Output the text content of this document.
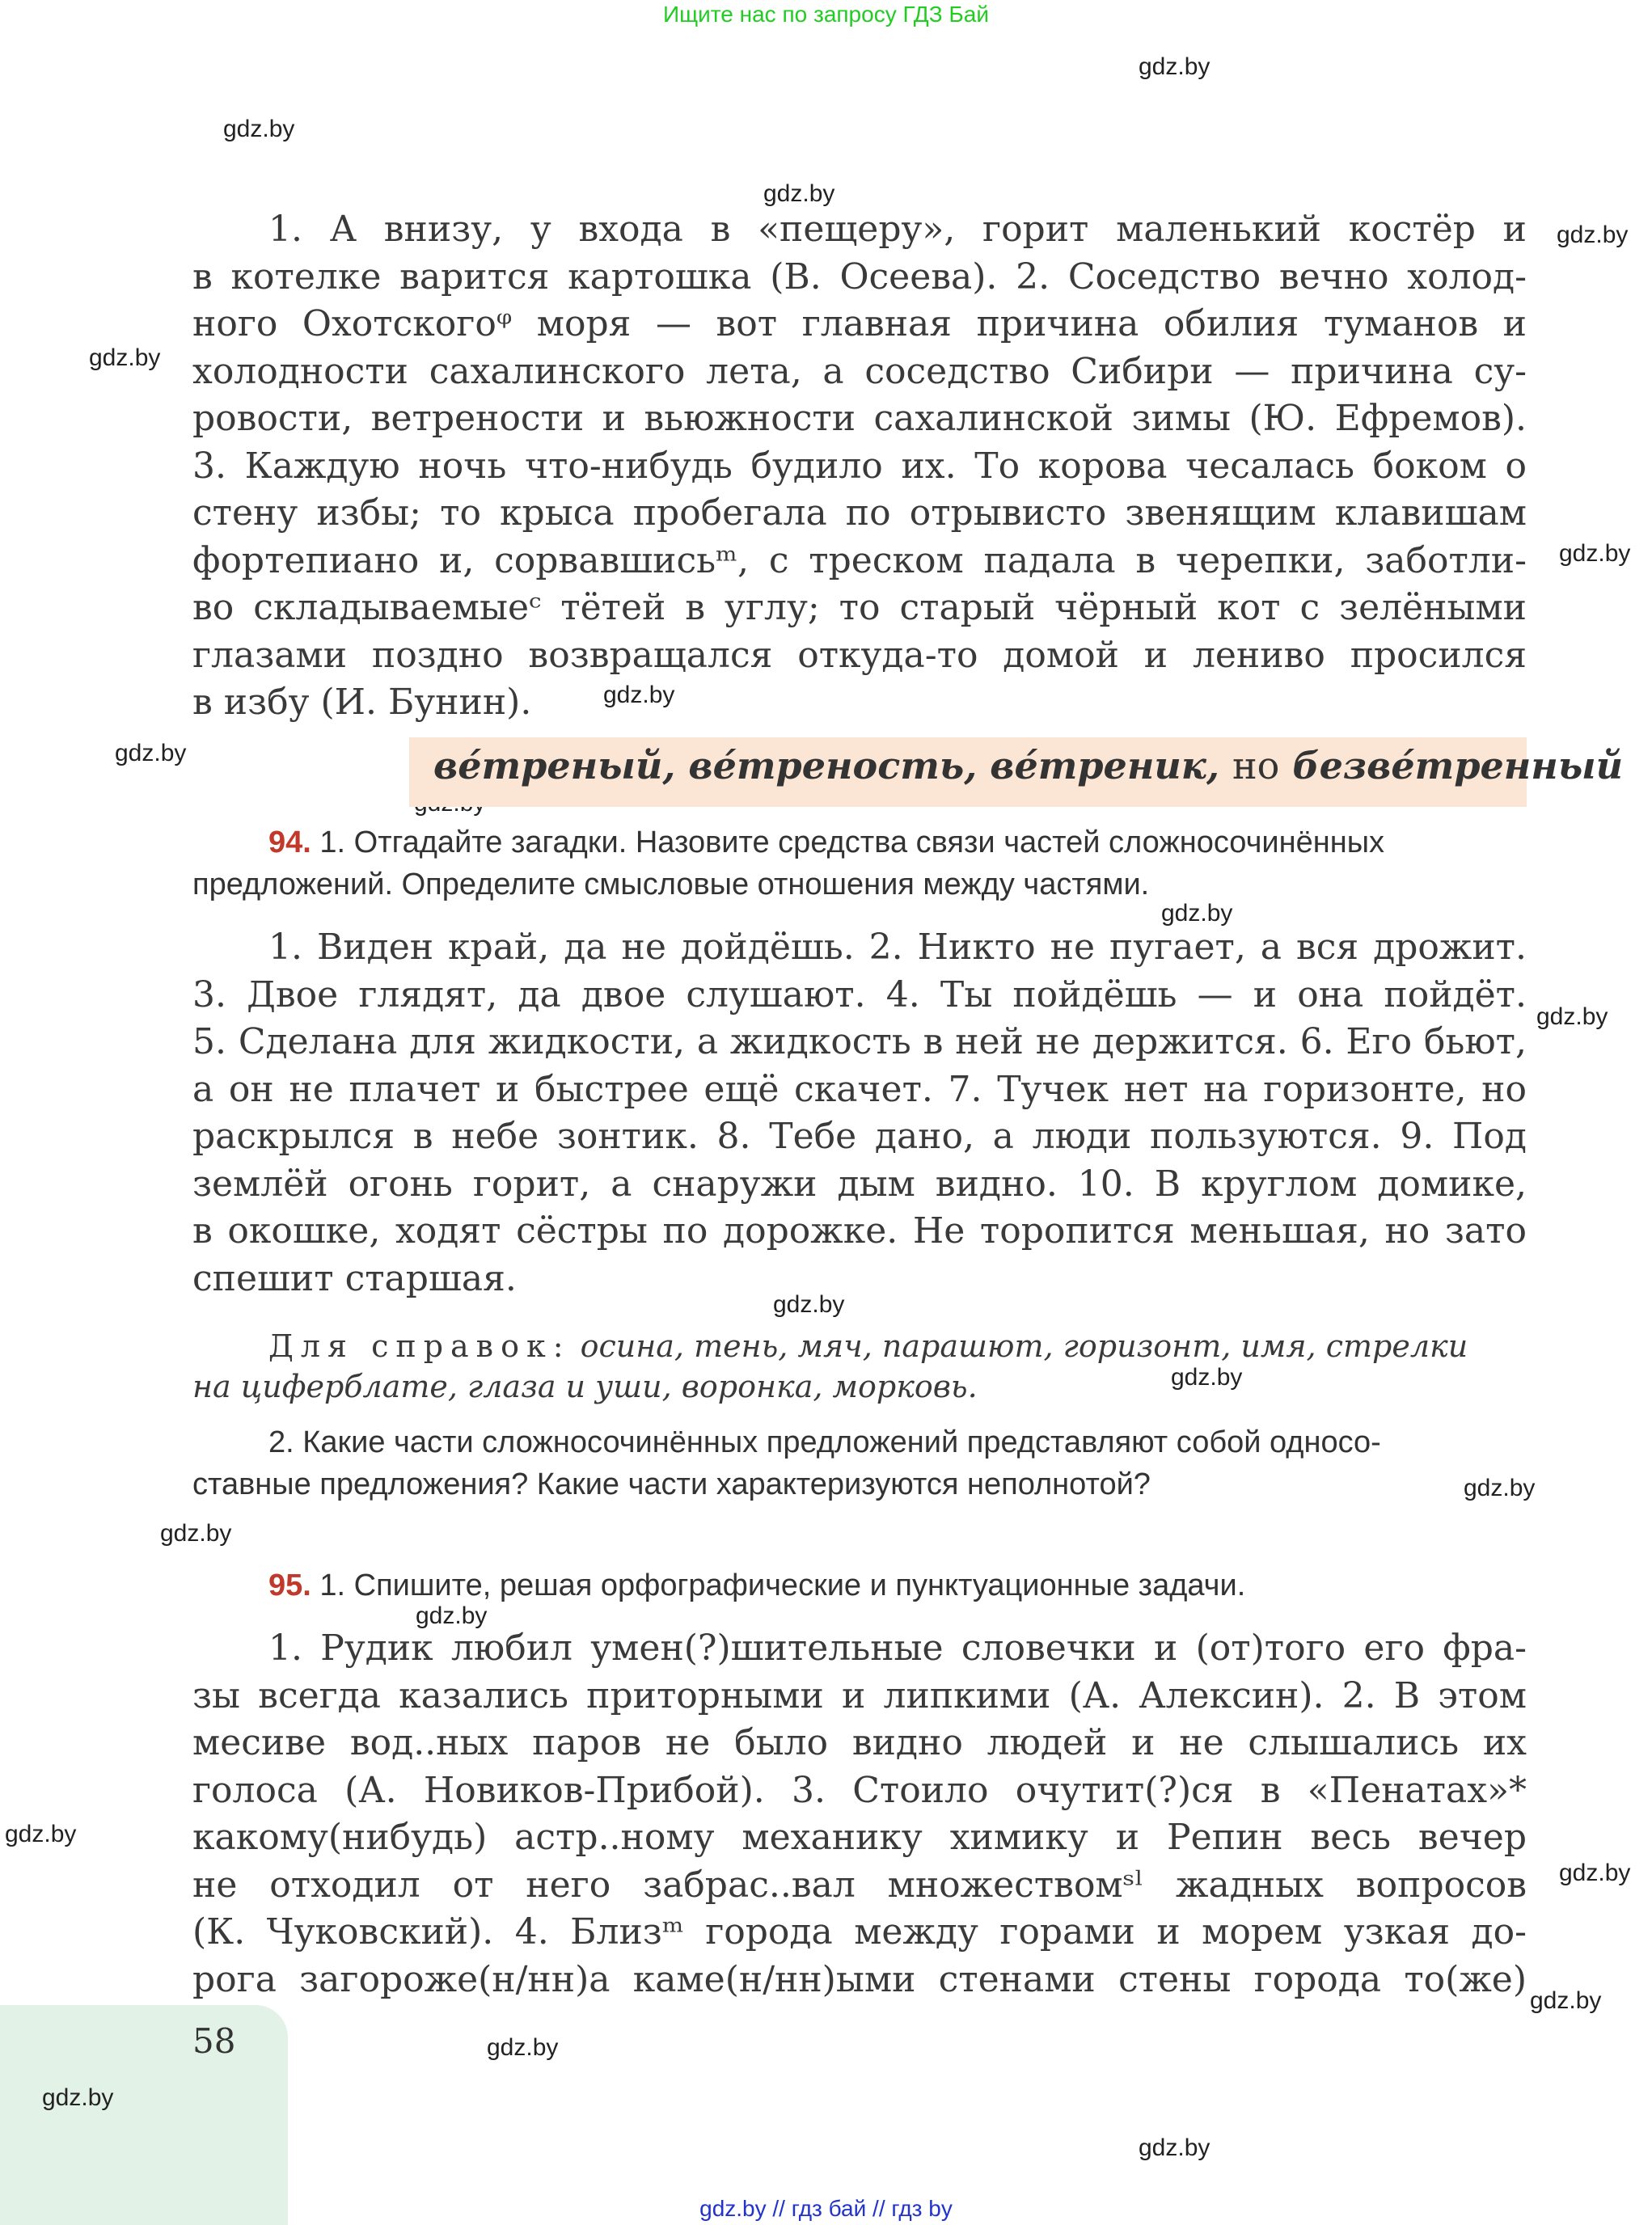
Ищите нас по запросу ГДЗ Бай
gdz.by
gdz.by
gdz.by
gdz.by
gdz.by
gdz.by
gdz.by
gdz.by
gdz.by
gdz.by
gdz.by
gdz.by
gdz.by
gdz.by
gdz.by
gdz.by
gdz.by
gdz.by
gdz.by
gdz.by
1. А внизу, у входа в «пещеру», горит маленький костёр и
в котелке варится картошка (В. Осеева). 2. Соседство вечно холод-
ного Охотскогоᵠ моря — вот главная причина обилия туманов и
холодности сахалинского лета, а соседство Сибири — причина су-
ровости, ветрености и вьюжности сахалинской зимы (Ю. Ефремов).
3. Каждую ночь что-нибудь будило их. То корова чесалась боком о
стену избы; то крыса пробегала по отрывисто звенящим клавишам
фортепиано и, сорвавшисьᵐ, с треском падала в черепки, заботли-
во складываемыеᶜ тётей в углу; то старый чёрный кот с зелёными
глазами поздно возвращался откуда-то домой и лениво просился
в избу (И. Бунин).
ве́треный, ве́треность, ве́треник, но безве́тренный
94. 1. Отгадайте загадки. Назовите средства связи частей сложносочинённых
предложений. Определите смысловые отношения между частями.
1. Виден край, да не дойдёшь. 2. Никто не пугает, а вся дрожит.
3. Двое глядят, да двое слушают. 4. Ты пойдёшь — и она пойдёт.
5. Сделана для жидкости, а жидкость в ней не держится. 6. Его бьют,
а он не плачет и быстрее ещё скачет. 7. Тучек нет на горизонте, но
раскрылся в небе зонтик. 8. Тебе дано, а люди пользуются. 9. Под
землёй огонь горит, а снаружи дым видно. 10. В круглом домике,
в окошке, ходят сёстры по дорожке. Не торопится меньшая, но зато
спешит старшая.
Для справок: осина, тень, мяч, парашют, горизонт, имя, стрелки
на циферблате, глаза и уши, воронка, морковь.
2. Какие части сложносочинённых предложений представляют собой односо-
ставные предложения? Какие части характеризуются неполнотой?
95. 1. Спишите, решая орфографические и пунктуационные задачи.
1. Рудик любил умен(?)шительные словечки и (от)того его фра-
зы всегда казались приторными и липкими (А. Алексин). 2. В этом
месиве вод..ных паров не было видно людей и не слышались их
голоса (А. Новиков-Прибой). 3. Стоило очутит(?)ся в «Пенатах»*
какому(нибудь) астр..ному механику химику и Репин весь вечер
не отходил от него забрас..вал множествомˢˡ жадных вопросов
(К. Чуковский). 4. Близᵐ города между горами и морем узкая до-
рога загороже(н/нн)а каме(н/нн)ыми стенами стены города то(же)
58
gdz.by
gdz.by // гдз бай // гдз by
